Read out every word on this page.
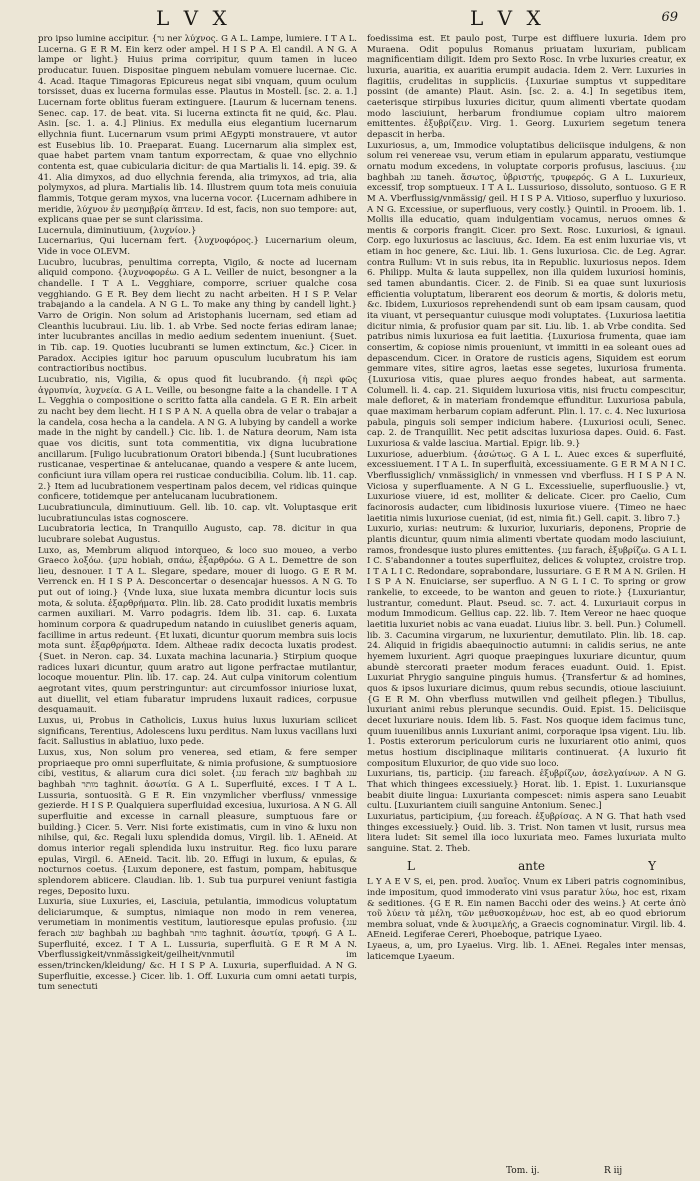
L V X	L V X	69

pro ipso lumine accipitur. {נר ner λύχνος. G A L. Lampe, lumiere. I T A L. Lucerna. G E R M. Ein kerz oder ampel. H I S P A. El candil. A N G. A lampe or light.} Huius prima corripitur, quum tamen in luceo producatur. Iuuen. Dispositae pinguem nebulam vomuere lucernae. Cic. 4. Acad. Itaque Timagoras Epicureus negat sibi vnquam, quum oculum torsisset, duas ex lucerna formulas esse. Plautus in Mostell. [sc. 2. a. 1.] Lucernam forte oblitus fueram extinguere. [Laurum & lucernam tenens. Senec. cap. 17. de beat. vita. Si lucerna extincta fit ne quid, &c. Plau. Asin. [sc. 1. a. 4.] Plinius. Ex medulla eius elegantium lucernarum ellychnia fiunt. Lucernarum vsum primi AEgypti monstrauere, vt autor est Eusebius lib. 10. Praeparat. Euang. Lucernarum alia simplex est, quae habet partem vnam tantum exporrectam, & quae vno ellychnio contenta est, quae cubicularia dicitur: de qua Martialis li. 14. epig. 39. & 41. Alia dimyxos, ad duo ellychnia ferenda, alia trimyxos, ad tria, alia polymyxos, ad plura. Martialis lib. 14. Illustrem quum tota meis conuiuia flammis, Totque geram myxos, vna lucerna vocor. {Lucernam adhibere in meridie, λύχνον ἐν μεσημβρίᾳ ἅπτειν. Id est, facis, non suo tempore: aut, explicans quae per se sunt clarissima.

Lucernula, diminutiuum, {λυχνίον.}

Lucernarius, Qui lucernam fert. {λυχνοφόρος.} Lucernarium oleum, Vide in voce OLEVM.

Lucubro, lucubras, penultima correpta, Vigilo, & nocte ad lucernam aliquid compono. {λυχνοφορέω. G A L. Veiller de nuict, besongner a la chandelle. I T A L. Vegghiare, comporre, scriuer qualche cosa vegghiando. G E R. Bey dem liecht zu nacht arbeiten. H I S P. Velar trabajando a la candela. A N G L. To make any thing by candell light.} Varro de Origin. Non solum ad Aristophanis lucernam, sed etiam ad Cleanthis lucubraui. Liu. lib. 1. ab Vrbe. Sed nocte ferias ediram lanae; inter lucubrantes ancillas in medio aedium sedentem inueniunt. {Suet. in Tib. cap. 19. Quoties lucubranti se lumen extinctum, &c.} Cicer. in Paradox. Accipies igitur hoc paruum opusculum lucubratum his iam contractioribus noctibus.

Lucubratio, nis, Vigilia, & opus quod fit lucubrando. {ἡ περὶ φῶς ἀγρυπνία, λυχνεία. G A L. Veille, ou besongne faite a la chandelle. I T A L. Vegghia o compositione o scritto fatta alla candela. G E R. Ein arbeit zu nacht bey dem liecht. H I S P A N. A quella obra de velar o trabajar a la candela, cosa hecha a la candela. A N G. A lubying by candell a worke made in the night by candell.} Cic. lib. 1. de Natura deorum, Nam ista quae vos dicitis, sunt tota commentitia, vix digna lucubratione ancillarum. [Fuligo lucubrationum Oratori bibenda.] {Sunt lucubrationes rusticanae, vespertinae & antelucanae, quando a vespere & ante lucem, conficiunt iura villam opera rei rusticae conducibilia. Colum. lib. 11. cap. 2.} Item ad lucubrationem vespertinam palos decem, vel ridicas quinque conficere, totidemque per antelucanam lucubrationem.

Lucubratiuncula, diminutiuum. Gell. lib. 10. cap. vlt. Voluptasque erit lucubratiunculas istas cognoscere.

Lucubratoria lectica, In Tranquillo Augusto, cap. 78. dicitur in qua lucubrare solebat Augustus.

Luxo, as, Membrum aliquod intorqueo, & loco suo moueo, a verbo Graeco λοξόω. {עקע hobiah, σπάω, ἐξαρθρόω. G A L. Demettre de son lieu, desnouer. I T A L. Slegare, spedare, mouer di luogo. G E R M. Verrenck en. H I S P A. Desconcertar o desencajar huessos. A N G. To put out of ioing.} {Vnde luxa, siue luxata membra dicuntur locis suis mota, & soluta. ἐξαρθρήματα. Plin. lib. 28. Cato prodidit luxatis membris carmen auxiliari. M. Varro podagris. Idem lib. 31. cap. 6. Luxata hominum corpora & quadrupedum natando in cuiuslibet generis aquam, facillime in artus redeunt. {Et luxati, dicuntur quorum membra suis locis mota sunt. ἐξαρθρήματα. Idem. Altheae radix decocta luxatis prodest. {Suet. in Neron. cap. 34. Luxata machina lacunaria.} Stirpium quoque radices luxari dicuntur, quum aratro aut ligone perfractae mutilantur, locoque mouentur. Plin. lib. 17. cap. 24. Aut culpa vinitorum colentium aegrotant vites, quum perstringuntur: aut circumfossor iniuriose luxat, aut diuellit, vel etiam fubaratur imprudens luxauit radices, corpusue desquamauit.

Luxus, ui, Probus in Catholicis, Luxus huius luxus luxuriam scilicet significans, Terentius, Adolescens luxu perditus. Nam luxus vacillans luxi facit. Sallustius in ablatiuo, luxo pede.

Luxus, xus, Non solum pro venerea, sed etiam, & fere semper propriaeque pro omni superfluitate, & nimia profusione, & sumptuosiore cibi, vestitus, & aliarum cura dici solet. {ענג ferach שׂגב baghbah ענג baghbah מותר taghnit. ἀσωτία. G A L. Superfluité, exces. I T A L. Lussuria, sontuosità. G E R. Ein vnzymlicher vberfluss/ vnmessige gezierde. H I S P. Qualquiera superfluidad excesiua, luxuriosa. A N G. All superfluitie and excesse in carnall pleasure, sumptuous fare or building.} Cicer. 5. Verr. Nisi forte existimatis, cum in vino & luxu non nihilse, qui, &c. Regali luxu splendida domus, Virgil. lib. 1. AEneid. At domus interior regali splendida luxu instruitur. Reg. fico luxu parare epulas, Virgil. 6. AEneid. Tacit. lib. 20. Effugi in luxum, & epulas, & nocturnos coetus. {Luxum deponere, est fastum, pompam, habitusque splendorem abiicere. Claudian. lib. 1. Sub tua purpurei veniunt fastigia reges, Deposito luxu.

Luxuria, siue Luxuries, ei, Lasciuia, petulantia, immodicus voluptatum deliciarumque, & sumptus, nimiaque non modo in rem venerea, verumetiam in monimentis vestitum, lautioresque epulas profusio. {ענג ferach שׂגב baghbah ענג baghbah מותר taghnit. ἀσωτία, τρυφή. G A L. Superfluité, excez. I T A L. Lussuria, superfluità. G E R M A N. Vberflussigkeit/vnmässigkeit/geilheit/vnmutil im essen/trincken/kleidung/ &c. H I S P A. Luxuria, superfluidad. A N G. Superfluitie, excesse.} Cicer. lib. 1. Off. Luxuria cum omni aetati turpis, tum senectuti

foedissima est. Et paulo post, Turpe est diffluere luxuria. Idem pro Muraena. Odit populus Romanus priuatam luxuriam, publicam magnificentiam diligit. Idem pro Sexto Rosc. In vrbe luxuries creatur, ex luxuria, auaritia, ex auaritia erumpit audacia. Idem 2. Verr. Luxuries in flagitiis, crudelitas in suppliciis. {Luxuriae sumptus vt suppeditare possint (de amante) Plaut. Asin. [sc. 2. a. 4.] In segetibus item, caeterisque stirpibus luxuries dicitur, quum alimenti vbertate quodam modo lasciuiunt, herbarum frondiumue copiam ultro maiorem emittentes. ἐξυβρίζειν. Virg. 1. Georg. Luxuriem segetum tenera depascit in herba.

Luxuriosus, a, um, Immodice voluptatibus deliciisque indulgens, & non solum rei venereae vsu, verum etiam in epularum apparatu, vestiumque ornatu modum excedens, in voluptate corporis profusus, lasciuus. {ענג baghbah ענג taneh. ἄσωτος, ὑβριστής, τρυφερός. G A L. Luxurieux, excessif, trop somptueux. I T A L. Lussurioso, dissoluto, sontuoso. G E R M A. Vberflussig/vnmässig/ geil. H I S P A. Vitioso, superfluo y luxurioso. A N G. Excessiue, or superfluous, very costly.} Quintil. in Prooem. lib. 1. Mollis illa educatio, quam indulgentiam vocamus, neruos omnes & mentis & corporis frangit. Cicer. pro Sext. Rosc. Luxuriosi, & ignaui. Corp. ego luxuriosus ac lasciuus, &c. Idem. Ea est enim luxuriae vis, vt etiam in hoc genere, &c. Liui. lib. 1. Gens luxuriosa. Cic. de Leg. Agrar. contra Rullum: Vt in suis rebus, ita in Republic. luxuriosus nepos. Idem 6. Philipp. Multa & lauta suppellex, non illa quidem luxuriosi hominis, sed tamen abundantis. Cicer. 2. de Finib. Si ea quae sunt luxuriosis efficientia voluptatum, liberarent eos deorum & mortis, & doloris metu, &c. Ibidem, Luxuriosos reprehendendi sunt ob eam ipsam causam, quod ita viuant, vt persequantur cuiusque modi voluptates. {Luxuriosa laetitia dicitur nimia, & profusior quam par sit. Liu. lib. 1. ab Vrbe condita. Sed patribus nimis luxuriosa ea fuit laetitia. {Luxuriosa frumenta, quae iam consertim, & copiose nimis proueniunt, vt immitti in ea soleant oues ad depascendum. Cicer. in Oratore de rusticis agens, Siquidem est eorum gemmare vites, sitire agros, laetas esse segetes, luxuriosa frumenta. {Luxuriosa vitis, quae plures aequo frondes habeat, aut sarmenta. Columell. li. 4. cap. 21. Siquidem luxuriosa vitis, nisi fructu compescitur, male defloret, & in materiam frondemque effunditur. Luxuriosa pabula, quae maximam herbarum copiam adferunt. Plin. l. 17. c. 4. Nec luxuriosa pabula, pinguis soli semper indicium habere. {Luxuriosi oculi, Senec. cap. 2. de Tranquillit. Nec petit adscitas luxuriosa dapes. Ouid. 6. Fast. Luxuriosa & valde lasciua. Martial. Epigr. lib. 9.}

Luxuriose, aduerbium. {ἀσώτως. G A L L. Auec exces & superfluité, excessiuement. I T A L. In superfluità, excessiuamente. G E R M A N I C. Vberflussiglich/ vnmässiglich/ in vnmessen vnd vberfluss. H I S P A N. Viciosa y superfluamente. A N G L. Excessiuelie, superfluouslie.} vt, Luxuriose viuere, id est, molliter & delicate. Cicer. pro Caelio, Cum facinorosis audacter, cum libidinosis luxuriose viuere. {Timeo ne haec laetitia nimis luxuriose cueniat, (id est, nimia fit.) Gell. capit. 3. libro 7.}

Luxurio, xurias: neutrum: & luxurior, luxuriaris, deponens, Proprie de plantis dicuntur, quum nimia alimenti vbertate quodam modo lasciuiunt, ramos, frondesque iusto plures emittentes. {ענג farach, ἐξυβρίζω. G A L L I C. S'abandonner a toutes superfluitez, delices & voluptez, croistre trop. I T A L I C. Redondare, soprabondare, lussuriare. G E R M A N. Grilen. H I S P A N. Enuiciarse, ser superfluo. A N G L I C. To spring or grow rankelie, to exceede, to be wanton and geuen to riote.} {Luxuriantur, lustrantur, comedunt. Plaut. Pseud. sc. 7. act. 4. Luxuriauit corpus in modum Immodicum. Gellius cap. 22. lib. 7. Item Vereor ne haec quoque laetitia luxuriet nobis ac vana euadat. Liuius libr. 3. bell. Pun.} Columell. lib. 3. Cacumina virgarum, ne luxurientur, demutilato. Plin. lib. 18. cap. 24. Aliquid in frigidis abaequinoctio autumni: in calidis serius, ne ante hyemem luxurient. Agri quoque praepingues luxuriare dicuntur, quum abundè stercorati praeter modum feraces euadunt. Ouid. 1. Epist. Luxuriat Phrygio sanguine pinguis humus. {Transfertur & ad homines, quos & ipsos luxuriare dicimus, quum rebus secundis, otioue lasciuiunt. {G E R M. Ohn vberfluss mutwillen vnd geilheit pflegen.} Tibullus, luxuriant animi rebus plerunque secundis. Ouid. Epist. 15. Deliciisque decet luxuriare nouis. Idem lib. 5. Fast. Nos quoque idem facimus tunc, quum iuuenilibus annis Luxuriant animi, corporaque ipsa vigent. Liu. lib. 1. Postis exterorum periculorum curis ne luxuriarent otio animi, quos metus hostium disciplinaque militaris continuerat. {A luxurio fit compositum Eluxurior, de quo vide suo loco.

Luxurians, tis, particip. {ענג fareach. ἐξυβρίζων, ἀσελγαίνων. A N G. That which thingees excessiuely.} Horat. lib. 1. Epist. 1. Luxuriansque beabit diuite lingua: Luxurianta compescet: nimis aspera sano Leuabit cultu. [Luxuriantem ciuili sanguine Antonium. Senec.]

Luxuriatus, participium, {ענג foreach. ἐξυβρίσας. A N G. That hath vsed thinges excessiuely.} Ouid. lib. 3. Trist. Non tamen vt lusit, rursus mea litera ludet: Sit semel illa ioco luxuriata meo. Fames luxuriata multo sanguine. Stat. 2. Theb.

L	ante	Y

L Y A E V S, ei, pen. prod. λυαῖος. Vnum ex Liberi patris cognominibus, inde impositum, quod immoderato vini vsus paratur λύω, hoc est, rixam & seditiones. {G E R. Ein namen Bacchi oder des weins.} At certe ἀπὸ τοῦ λύειν τὰ μέλη, τῶν μεθυσκομένων, hoc est, ab eo quod ebriorum membra soluat, vnde & λυσιμελής, a Graecis cognominatur. Virgil. lib. 4. AEneid. Legiferae Cereri, Phoeboque, patrique Lyaeo.

Lyaeus, a, um, pro Lyaeius. Virg. lib. 1. AEnei. Regales inter mensas, laticemque Lyaeum.

Tom. ij.	R iij
